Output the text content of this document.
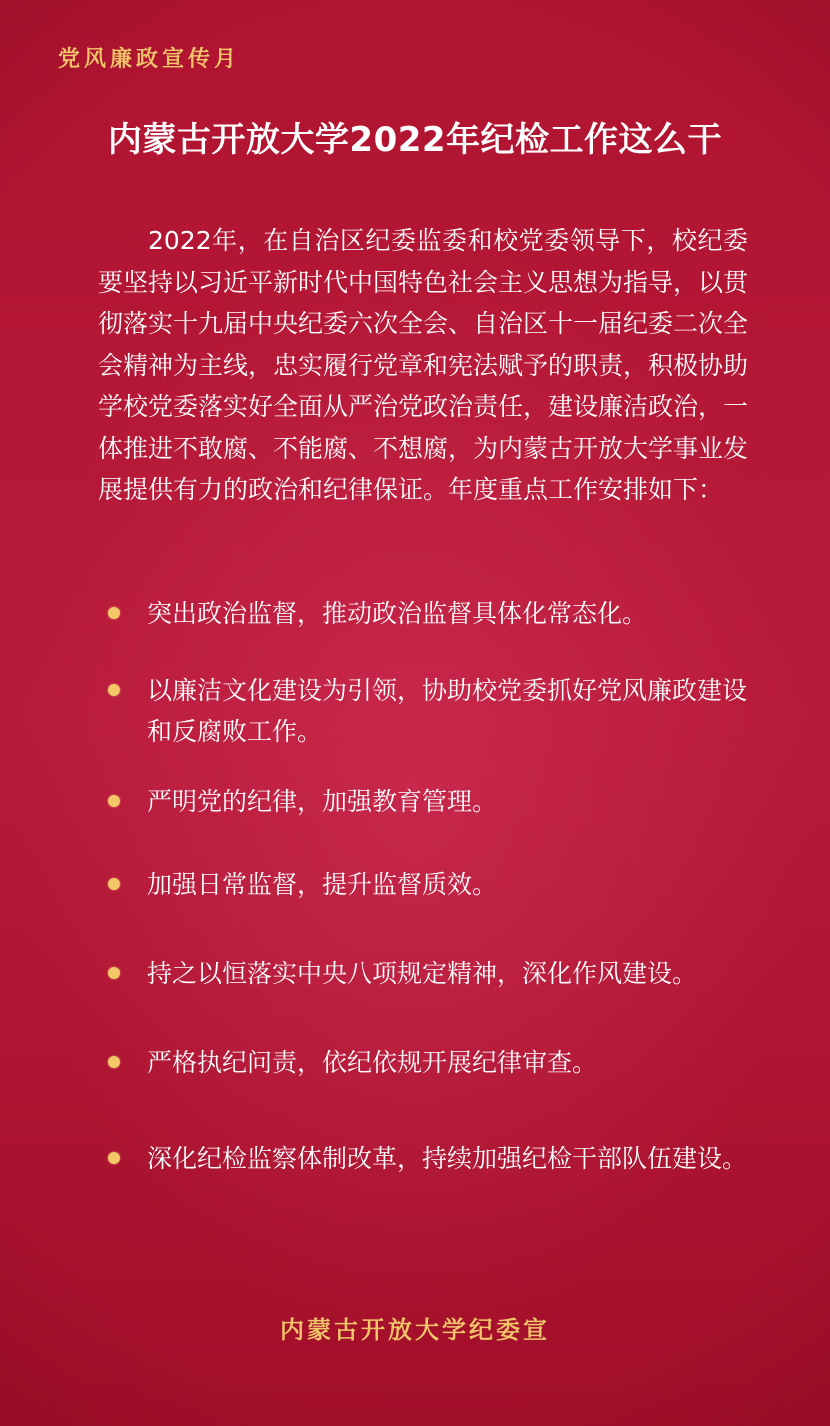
党风廉政宣传月
内蒙古开放大学2022年纪检工作这么干

2022年，在自治区纪委监委和校党委领导下，校纪委要坚持以习近平新时代中国特色社会主义思想为指导，以贯彻落实十九届中央纪委六次全会、自治区十一届纪委二次全会精神为主线，忠实履行党章和宪法赋予的职责，积极协助学校党委落实好全面从严治党政治责任，建设廉洁政治，一体推进不敢腐、不能腐、不想腐，为内蒙古开放大学事业发展提供有力的政治和纪律保证。年度重点工作安排如下：

突出政治监督，推动政治监督具体化常态化。
以廉洁文化建设为引领，协助校党委抓好党风廉政建设和反腐败工作。
严明党的纪律，加强教育管理。
加强日常监督，提升监督质效。
持之以恒落实中央八项规定精神，深化作风建设。
严格执纪问责，依纪依规开展纪律审查。
深化纪检监察体制改革，持续加强纪检干部队伍建设。
内蒙古开放大学纪委宣
